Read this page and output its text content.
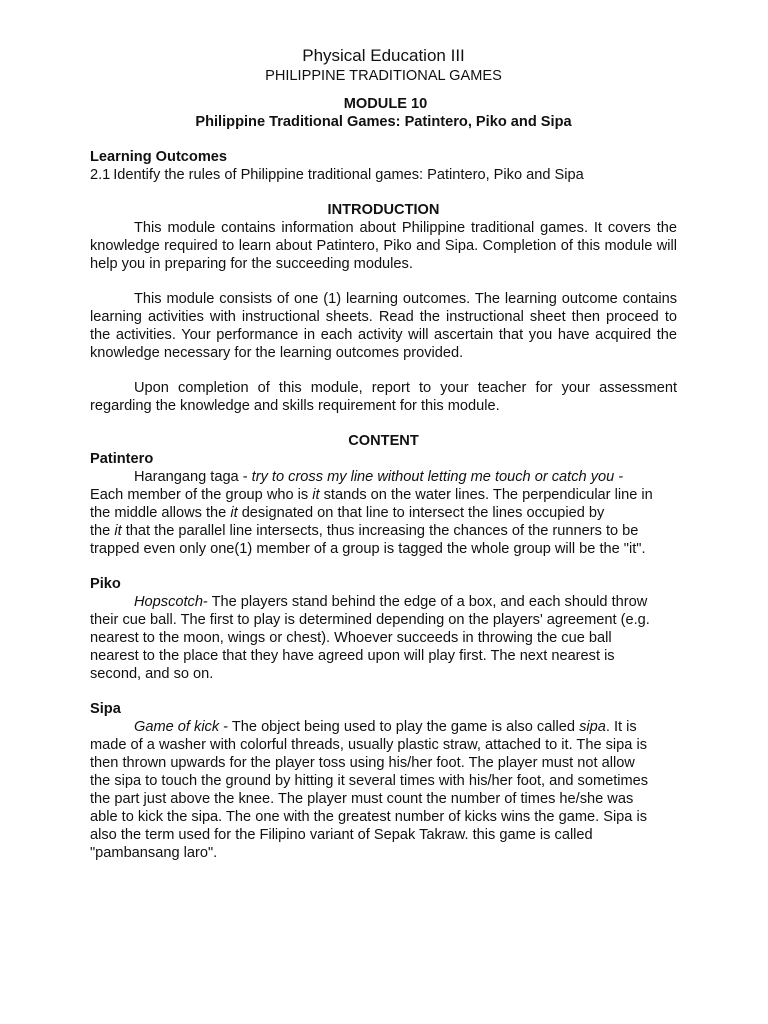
Physical Education III

PHILIPPINE TRADITIONAL GAMES

MODULE 10

Philippine Traditional Games: Patintero, Piko and Sipa

Learning Outcomes

2.1 Identify the rules of Philippine traditional games: Patintero, Piko and Sipa

INTRODUCTION

This module contains information about Philippine traditional games. It covers the knowledge required to learn about Patintero, Piko and Sipa. Completion of this module will help you in preparing for the succeeding modules.

This module consists of one (1) learning outcomes. The learning outcome contains learning activities with instructional sheets. Read the instructional sheet then proceed to the activities. Your performance in each activity will ascertain that you have acquired the knowledge necessary for the learning outcomes provided.

Upon completion of this module, report to your teacher for your assessment regarding the knowledge and skills requirement for this module.

CONTENT

Patintero

Harangang taga - try to cross my line without letting me touch or catch you -

Each member of the group who is it stands on the water lines. The perpendicular line in

the middle allows the it designated on that line to intersect the lines occupied by

the it that the parallel line intersects, thus increasing the chances of the runners to be

trapped even only one(1) member of a group is tagged the whole group will be the "it".

Piko

Hopscotch- The players stand behind the edge of a box, and each should throw

their cue ball. The first to play is determined depending on the players' agreement (e.g.

nearest to the moon, wings or chest). Whoever succeeds in throwing the cue ball

nearest to the place that they have agreed upon will play first. The next nearest is

second, and so on.

Sipa

Game of kick - The object being used to play the game is also called sipa. It is

made of a washer with colorful threads, usually plastic straw, attached to it. The sipa is

then thrown upwards for the player toss using his/her foot. The player must not allow

the sipa to touch the ground by hitting it several times with his/her foot, and sometimes

the part just above the knee. The player must count the number of times he/she was

able to kick the sipa. The one with the greatest number of kicks wins the game. Sipa is

also the term used for the Filipino variant of Sepak Takraw. this game is called

"pambansang laro".
